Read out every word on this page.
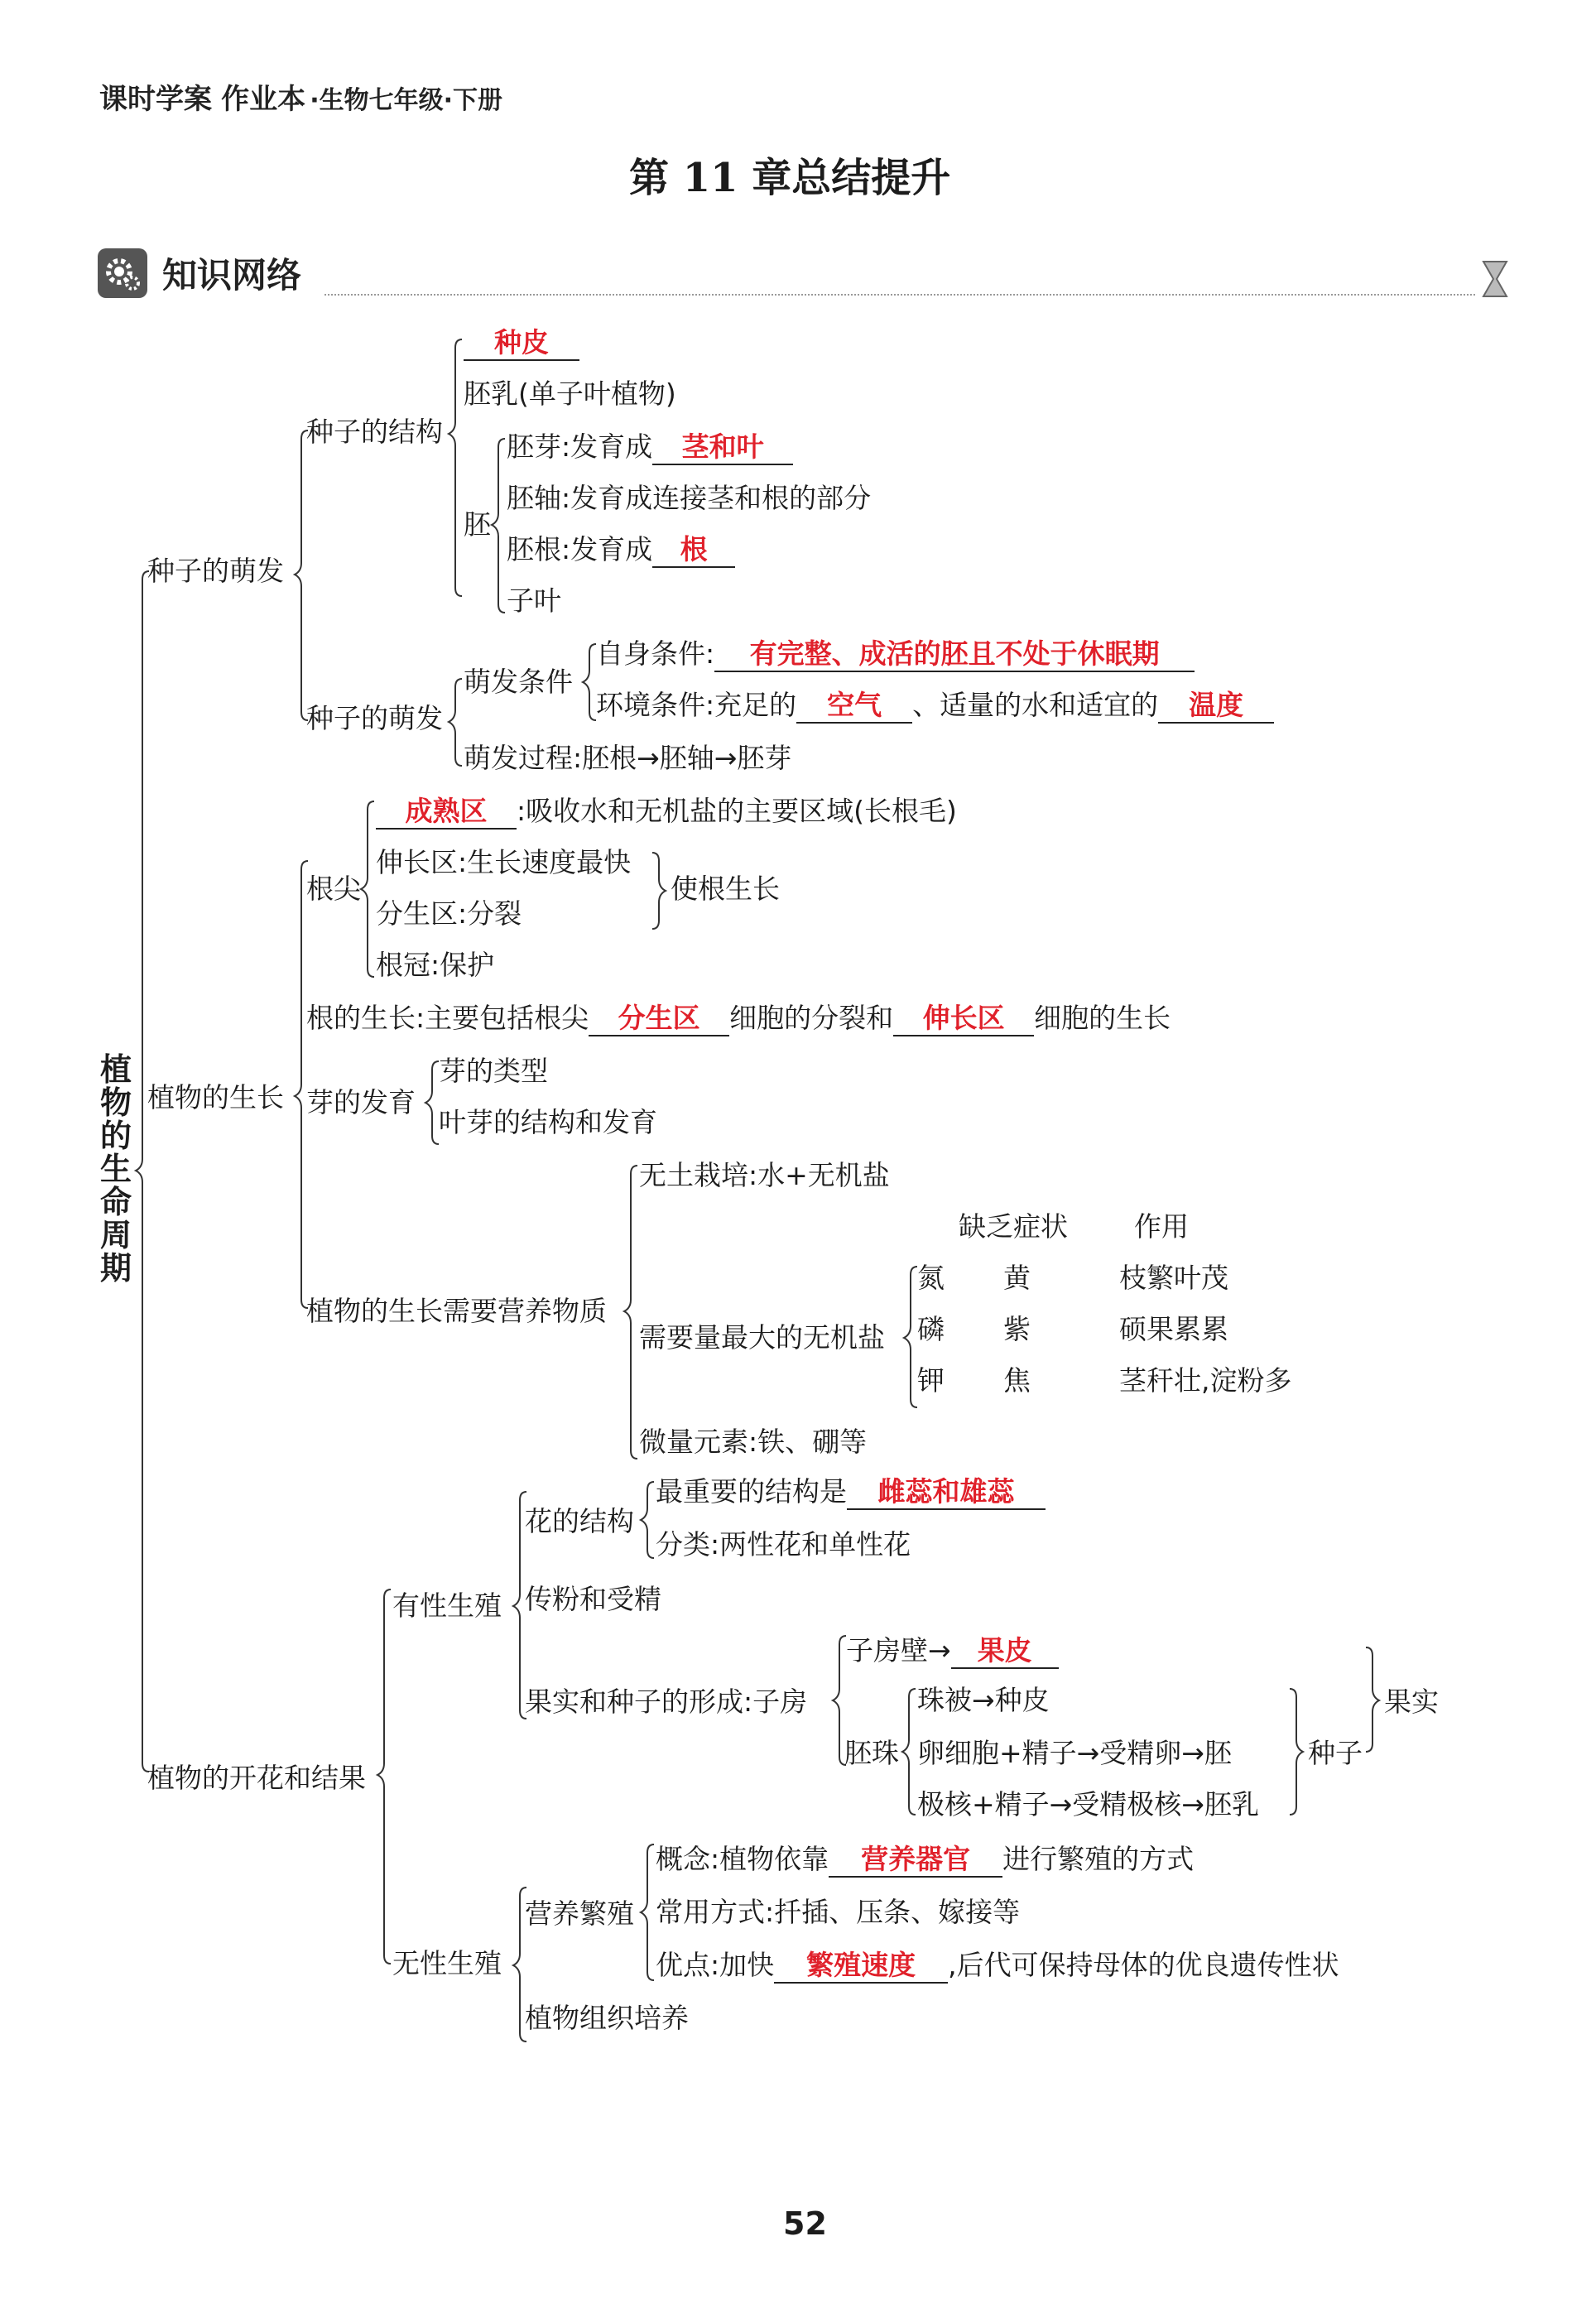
课时学案 作业本 ·生物七年级·下册
第 11 章总结提升
知识网络
植物的生命周期
种子的萌发
种子的结构
种皮
胚乳(单子叶植物)
胚
胚芽:发育成 茎和叶
胚轴:发育成连接茎和根的部分
胚根:发育成 根
子叶
种子的萌发
萌发条件
自身条件: 有完整、成活的胚且不处于休眠期
环境条件:充足的 空气 、适量的水和适宜的 温度
萌发过程:胚根→胚轴→胚芽
植物的生长
根尖
成熟区 :吸收水和无机盐的主要区域(长根毛)
伸长区:生长速度最快
分生区:分裂
根冠:保护
使根生长
根的生长:主要包括根尖 分生区 细胞的分裂和 伸长区 细胞的生长
芽的发育
芽的类型
叶芽的结构和发育
植物的生长需要营养物质
无土栽培:水+无机盐
缺乏症状 作用
需要量最大的无机盐
氮 黄	枝繁叶茂
磷 紫	硕果累累
钾 焦	茎秆壮,淀粉多
微量元素:铁、硼等
植物的开花和结果
有性生殖
花的结构
最重要的结构是 雌蕊和雄蕊
分类:两性花和单性花
传粉和受精
果实和种子的形成:子房
子房壁→ 果皮
胚珠
珠被→种皮
卵细胞+精子→受精卵→胚
极核+精子→受精极核→胚乳
种子
果实
无性生殖
营养繁殖
概念:植物依靠 营养器官 进行繁殖的方式
常用方式:扦插、压条、嫁接等
优点:加快 繁殖速度 ,后代可保持母体的优良遗传性状
植物组织培养
52
